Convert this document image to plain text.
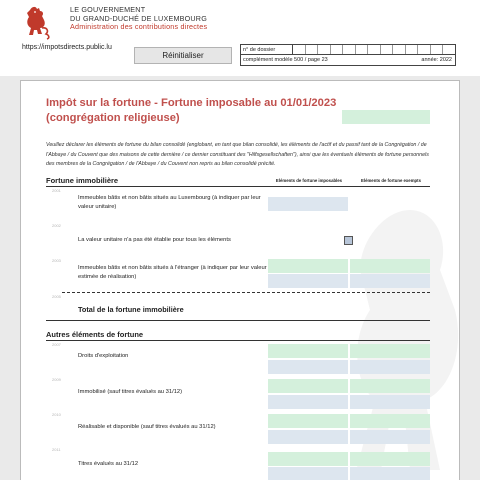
LE GOUVERNEMENT
DU GRAND-DUCHÉ DE LUXEMBOURG
Administration des contributions directes
https://impotsdirects.public.lu
Réinitialiser
n° de dossier
complément modèle 500 / page 23	année: 2022
Impôt sur la fortune - Fortune imposable au 01/01/2023
(congrégation religieuse)
Veuillez déclarer les éléments de fortune du bilan consolidé (englobant, en tant que bilan consolidé, les éléments de l'actif et du passif tant de la Congrégation / de l'Abbaye / du Couvent que des maisons de cette dernière / ce dernier constituant des "Hilfsgesellschaften"), ainsi que les éventuels éléments de fortune personnels des membres de la Congrégation / de l'Abbaye / du Couvent non repris au bilan consolidé précité.
Fortune immobilière	Eléments de fortune imposables	Eléments de fortune exempts
2001
Immeubles bâtis et non bâtis situés au Luxembourg (à indiquer par leur valeur unitaire)
2002
La valeur unitaire n'a pas été établie pour tous les éléments
2003
Immeubles bâtis et non bâtis situés à l'étranger (à indiquer par leur valeur estimée de réalisation)
2005
Total de la fortune immobilière
Autres éléments de fortune
2007
Droits d'exploitation
2009
Immobilisé (sauf titres évalués au 31/12)
2010
Réalisable et disponible (sauf titres évalués au 31/12)
2011
Titres évalués au 31/12
